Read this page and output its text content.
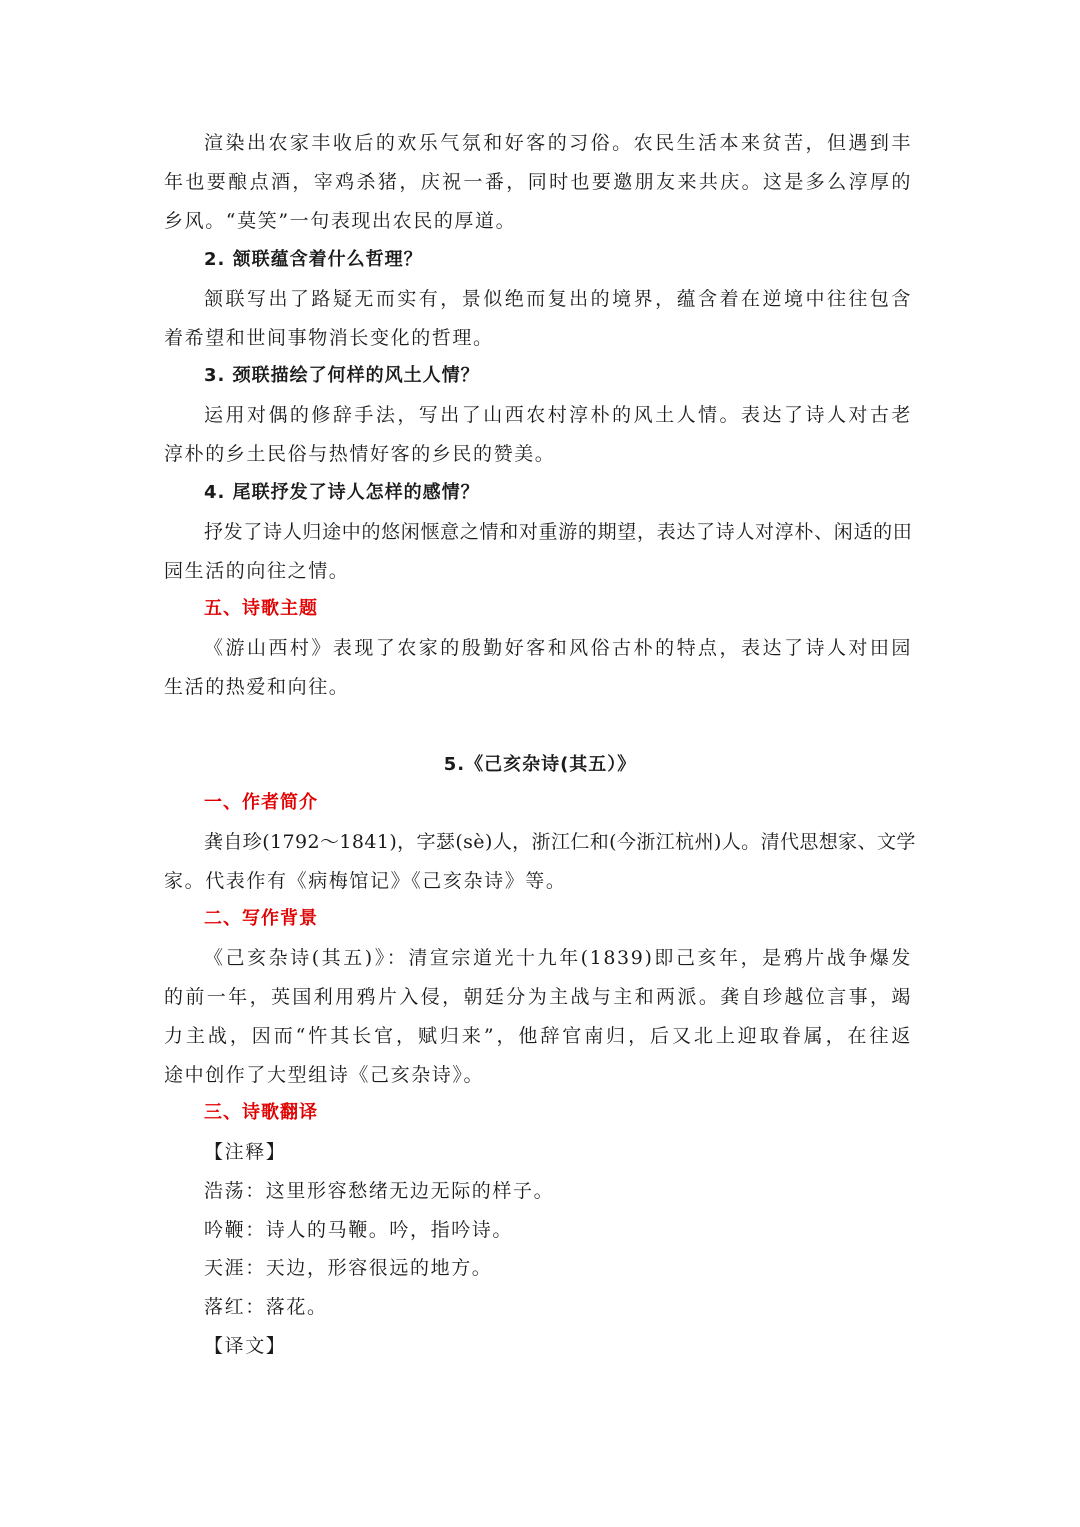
渲染出农家丰收后的欢乐气氛和好客的习俗。农民生活本来贫苦，但遇到丰
年也要酿点酒，宰鸡杀猪，庆祝一番，同时也要邀朋友来共庆。这是多么淳厚的
乡风。“莫笑”一句表现出农民的厚道。
2. 颔联蕴含着什么哲理？
颔联写出了路疑无而实有，景似绝而复出的境界，蕴含着在逆境中往往包含
着希望和世间事物消长变化的哲理。
3. 颈联描绘了何样的风土人情？
运用对偶的修辞手法，写出了山西农村淳朴的风土人情。表达了诗人对古老
淳朴的乡土民俗与热情好客的乡民的赞美。
4. 尾联抒发了诗人怎样的感情？
抒发了诗人归途中的悠闲惬意之情和对重游的期望，表达了诗人对淳朴、闲适的田
园生活的向往之情。
五、诗歌主题
《游山西村》表现了农家的殷勤好客和风俗古朴的特点，表达了诗人对田园
生活的热爱和向往。
5.《己亥杂诗(其五）》
一、作者简介
龚自珍(1792～1841)，字瑟(sè)人，浙江仁和(今浙江杭州)人。清代思想家、文学
家。代表作有《病梅馆记》《己亥杂诗》等。
二、写作背景
《己亥杂诗(其五)》：清宣宗道光十九年(1839)即己亥年，是鸦片战争爆发
的前一年，英国利用鸦片入侵，朝廷分为主战与主和两派。龚自珍越位言事，竭
力主战，因而“忤其长官，赋归来”，他辞官南归，后又北上迎取眷属，在往返
途中创作了大型组诗《己亥杂诗》。
三、诗歌翻译
【注释】
浩荡：这里形容愁绪无边无际的样子。
吟鞭：诗人的马鞭。吟，指吟诗。
天涯：天边，形容很远的地方。
落红：落花。
【译文】
